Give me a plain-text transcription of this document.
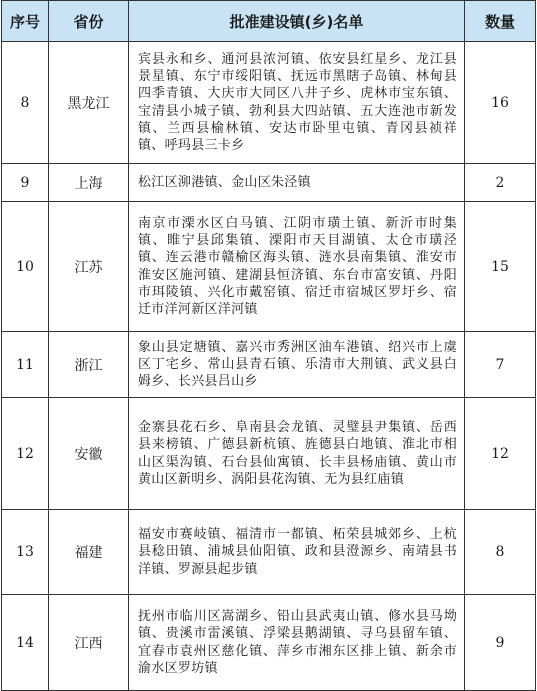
序号	省份	批准建设镇(乡)名单	数量
8	黑龙江	宾县永和乡、通河县浓河镇、依安县红星乡、龙江县景星镇、东宁市绥阳镇、抚远市黑瞎子岛镇、林甸县四季青镇、大庆市大同区八井子乡、虎林市宝东镇、宝清县小城子镇、勃利县大四站镇、五大连池市新发镇、兰西县榆林镇、安达市卧里屯镇、青冈县祯祥镇、呼玛县三卡乡	16
9	上海	松江区泖港镇、金山区朱泾镇	2
10	江苏	南京市溧水区白马镇、江阴市璜土镇、新沂市时集镇、睢宁县邱集镇、溧阳市天目湖镇、太仓市璜泾镇、连云港市赣榆区海头镇、涟水县南集镇、淮安市淮安区施河镇、建湖县恒济镇、东台市富安镇、丹阳市珥陵镇、兴化市戴窑镇、宿迁市宿城区罗圩乡、宿迁市洋河新区洋河镇	15
11	浙江	象山县定塘镇、嘉兴市秀洲区油车港镇、绍兴市上虞区丁宅乡、常山县青石镇、乐清市大荆镇、武义县白姆乡、长兴县吕山乡	7
12	安徽	金寨县花石乡、阜南县会龙镇、灵璧县尹集镇、岳西县来榜镇、广德县新杭镇、旌德县白地镇、淮北市相山区渠沟镇、石台县仙寓镇、长丰县杨庙镇、黄山市黄山区新明乡、涡阳县花沟镇、无为县红庙镇	12
13	福建	福安市赛岐镇、福清市一都镇、柘荣县城郊乡、上杭县稔田镇、浦城县仙阳镇、政和县澄源乡、南靖县书洋镇、罗源县起步镇	8
14	江西	抚州市临川区嵩湖乡、铅山县武夷山镇、修水县马坳镇、贵溪市雷溪镇、浮梁县鹅湖镇、寻乌县留车镇、宜春市袁州区慈化镇、萍乡市湘东区排上镇、新余市渝水区罗坊镇	9
